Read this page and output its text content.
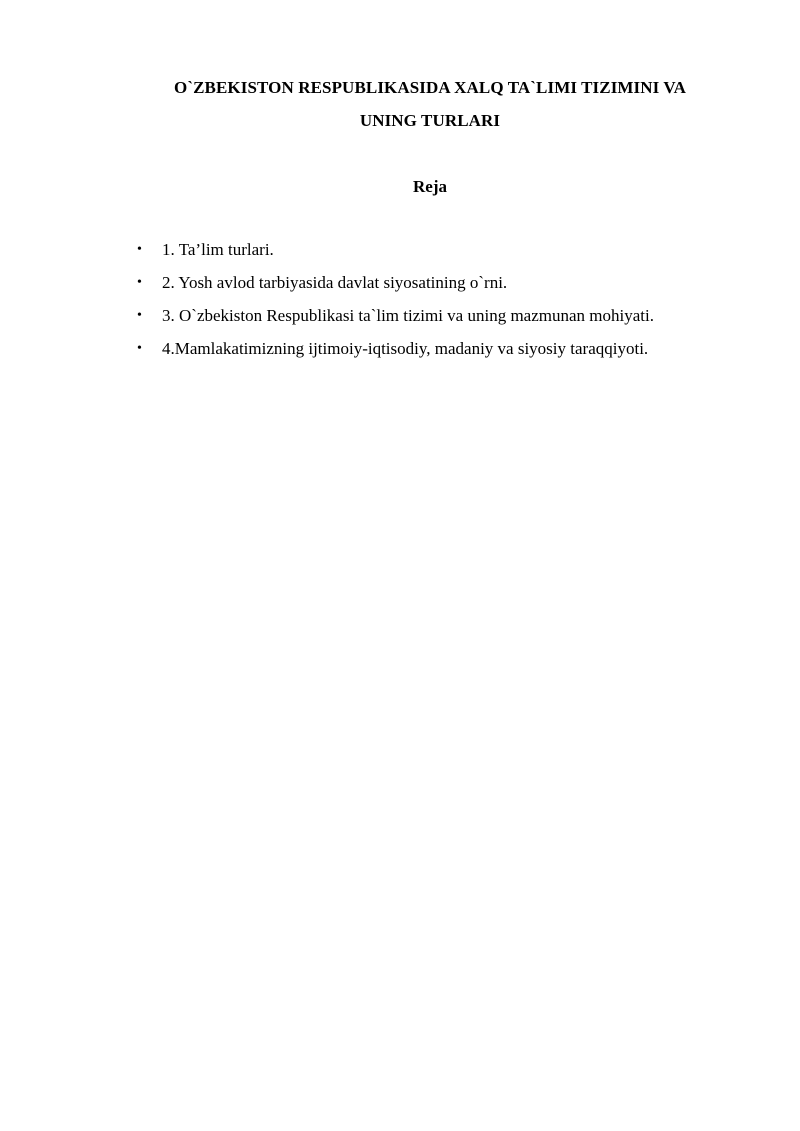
O`ZBEKISTON RESPUBLIKASIDA XALQ TA`LIMI TIZIMINI VA
UNING TURLARI
Reja
• 1. Ta’lim turlari.
• 2. Yosh avlod tarbiyasida davlat siyosatining o`rni.
• 3. O`zbekiston Respublikasi ta`lim tizimi va uning mazmunan mohiyati.
• 4.Mamlakatimizning ijtimoiy-iqtisodiy, madaniy va siyosiy taraqqiyoti.
